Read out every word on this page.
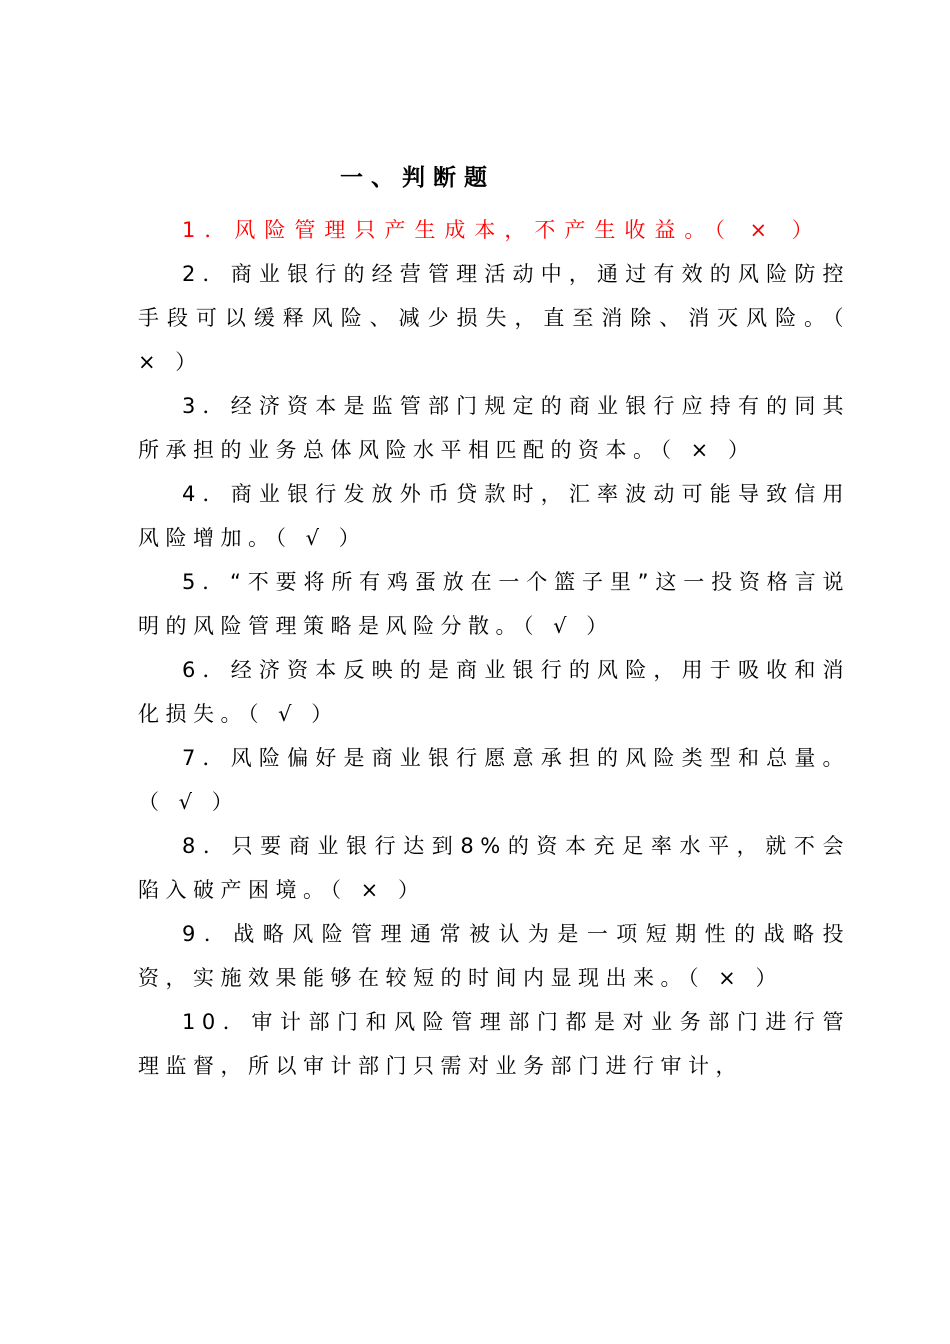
一、判断题
1．风险管理只产生成本，不产生收益。（ × ）
2．商业银行的经营管理活动中，通过有效的风险防控手段可以缓释风险、减少损失，直至消除、消灭风险。（ × ）
3．经济资本是监管部门规定的商业银行应持有的同其所承担的业务总体风险水平相匹配的资本。（ × ）
4．商业银行发放外币贷款时，汇率波动可能导致信用风险增加。（ √ ）
5．“不要将所有鸡蛋放在一个篮子里”这一投资格言说明的风险管理策略是风险分散。（ √ ）
6．经济资本反映的是商业银行的风险，用于吸收和消化损失。（ √ ）
7．风险偏好是商业银行愿意承担的风险类型和总量。（ √ ）
8．只要商业银行达到8%的资本充足率水平，就不会陷入破产困境。（ × ）
9．战略风险管理通常被认为是一项短期性的战略投资，实施效果能够在较短的时间内显现出来。（ × ）
10．审计部门和风险管理部门都是对业务部门进行管理监督，所以审计部门只需对业务部门进行审计，
